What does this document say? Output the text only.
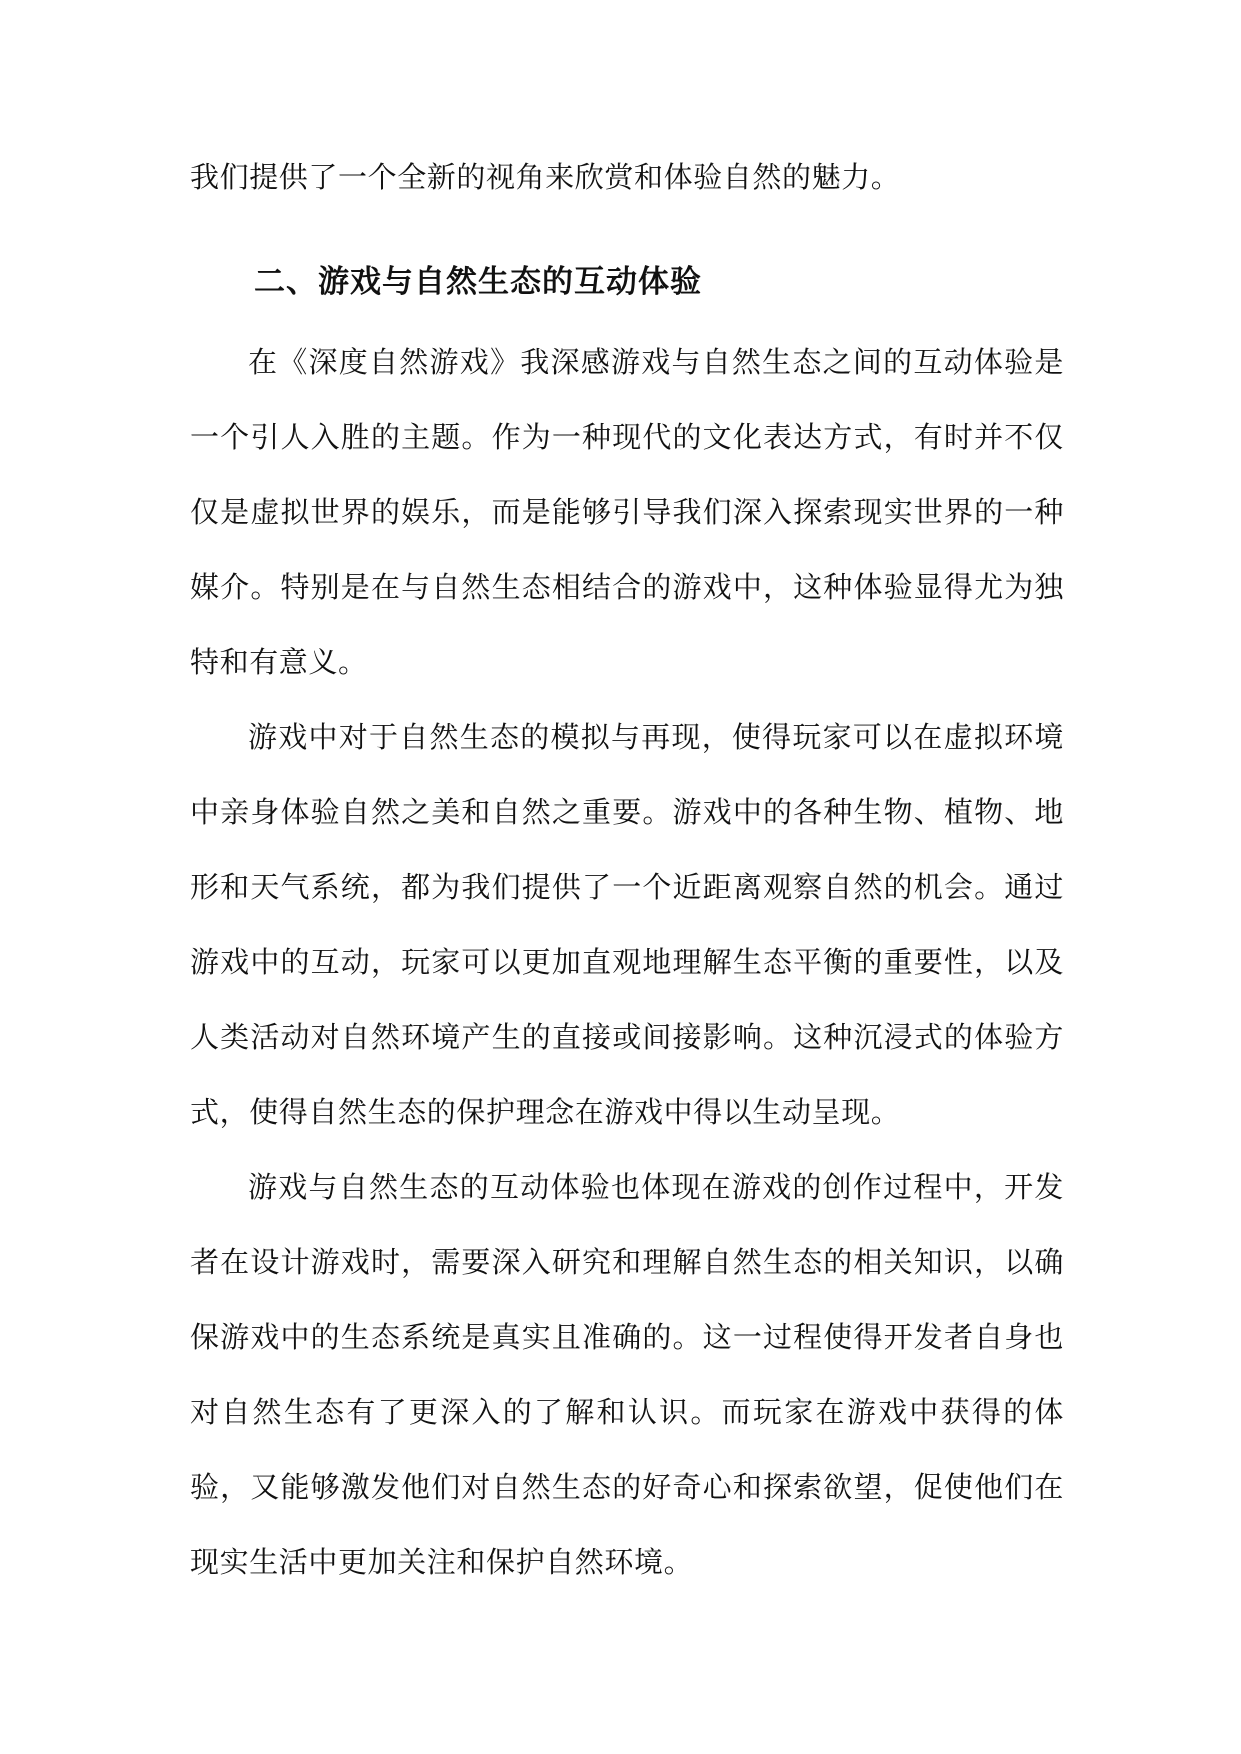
我们提供了一个全新的视角来欣赏和体验自然的魅力。

二、游戏与自然生态的互动体验

在《深度自然游戏》我深感游戏与自然生态之间的互动体验是一个引人入胜的主题。作为一种现代的文化表达方式，有时并不仅仅是虚拟世界的娱乐，而是能够引导我们深入探索现实世界的一种媒介。特别是在与自然生态相结合的游戏中，这种体验显得尤为独特和有意义。

游戏中对于自然生态的模拟与再现，使得玩家可以在虚拟环境中亲身体验自然之美和自然之重要。游戏中的各种生物、植物、地形和天气系统，都为我们提供了一个近距离观察自然的机会。通过游戏中的互动，玩家可以更加直观地理解生态平衡的重要性，以及人类活动对自然环境产生的直接或间接影响。这种沉浸式的体验方式，使得自然生态的保护理念在游戏中得以生动呈现。

游戏与自然生态的互动体验也体现在游戏的创作过程中，开发者在设计游戏时，需要深入研究和理解自然生态的相关知识，以确保游戏中的生态系统是真实且准确的。这一过程使得开发者自身也对自然生态有了更深入的了解和认识。而玩家在游戏中获得的体验，又能够激发他们对自然生态的好奇心和探索欲望，促使他们在现实生活中更加关注和保护自然环境。
